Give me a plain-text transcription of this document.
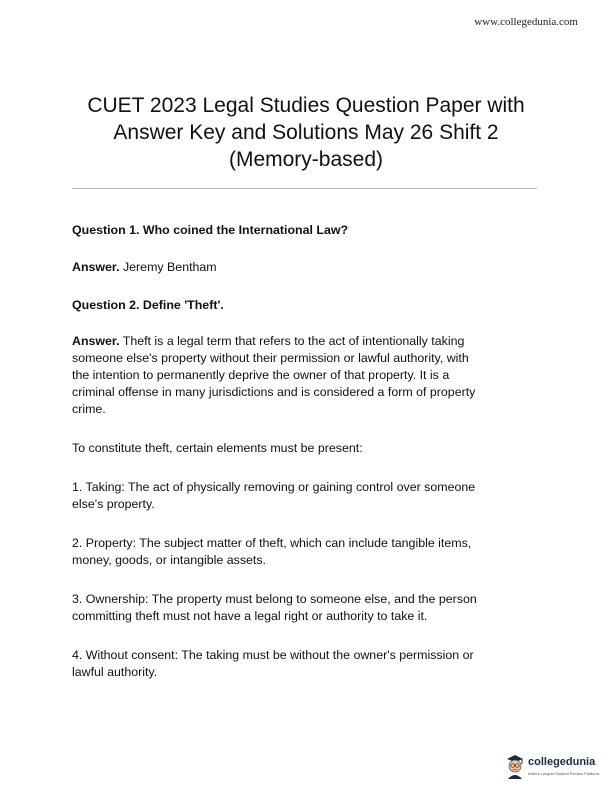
www.collegedunia.com
CUET 2023 Legal Studies Question Paper with
Answer Key and Solutions May 26 Shift 2
(Memory-based)

Question 1. Who coined the International Law?

Answer. Jeremy Bentham

Question 2. Define 'Theft'.

Answer. Theft is a legal term that refers to the act of intentionally taking
someone else's property without their permission or lawful authority, with
the intention to permanently deprive the owner of that property. It is a
criminal offense in many jurisdictions and is considered a form of property
crime.

To constitute theft, certain elements must be present:

1. Taking: The act of physically removing or gaining control over someone
else's property.

2. Property: The subject matter of theft, which can include tangible items,
money, goods, or intangible assets.

3. Ownership: The property must belong to someone else, and the person
committing theft must not have a legal right or authority to take it.

4. Without consent: The taking must be without the owner's permission or
lawful authority.

collegedunia
India's Largest Student Review Platform
